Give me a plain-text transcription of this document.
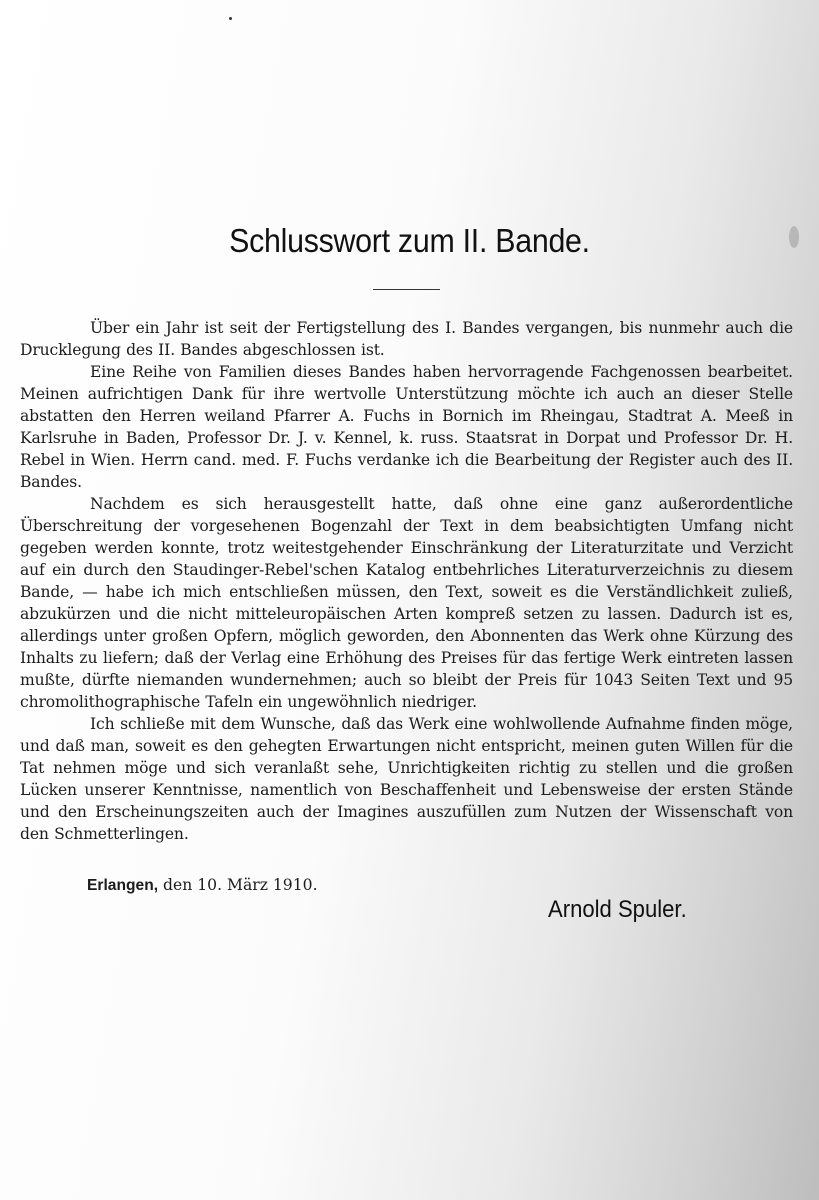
Schlusswort zum II. Bande.

Über ein Jahr ist seit der Fertigstellung des I. Bandes vergangen, bis nunmehr auch die Drucklegung des II. Bandes abgeschlossen ist.

Eine Reihe von Familien dieses Bandes haben hervorragende Fachgenossen bearbeitet. Meinen aufrichtigen Dank für ihre wertvolle Unterstützung möchte ich auch an dieser Stelle abstatten den Herren weiland Pfarrer A. Fuchs in Bornich im Rheingau, Stadtrat A. Meeß in Karlsruhe in Baden, Professor Dr. J. v. Kennel, k. russ. Staatsrat in Dorpat und Professor Dr. H. Rebel in Wien. Herrn cand. med. F. Fuchs verdanke ich die Bearbeitung der Register auch des II. Bandes.

Nachdem es sich herausgestellt hatte, daß ohne eine ganz außerordentliche Überschreitung der vorgesehenen Bogenzahl der Text in dem beabsichtigten Umfang nicht gegeben werden konnte, trotz weitestgehender Einschränkung der Literaturzitate und Verzicht auf ein durch den Staudinger-Rebel'schen Katalog entbehrliches Literaturverzeichnis zu diesem Bande, — habe ich mich entschließen müssen, den Text, soweit es die Verständlichkeit zuließ, abzukürzen und die nicht mitteleuropäischen Arten kompreß setzen zu lassen. Dadurch ist es, allerdings unter großen Opfern, möglich geworden, den Abonnenten das Werk ohne Kürzung des Inhalts zu liefern; daß der Verlag eine Erhöhung des Preises für das fertige Werk eintreten lassen mußte, dürfte niemanden wundernehmen; auch so bleibt der Preis für 1043 Seiten Text und 95 chromolithographische Tafeln ein ungewöhnlich niedriger.

Ich schließe mit dem Wunsche, daß das Werk eine wohlwollende Aufnahme finden möge, und daß man, soweit es den gehegten Erwartungen nicht entspricht, meinen guten Willen für die Tat nehmen möge und sich veranlaßt sehe, Unrichtigkeiten richtig zu stellen und die großen Lücken unserer Kenntnisse, namentlich von Beschaffenheit und Lebensweise der ersten Stände und den Erscheinungszeiten auch der Imagines auszufüllen zum Nutzen der Wissenschaft von den Schmetterlingen.

Erlangen, den 10. März 1910.

Arnold Spuler.
